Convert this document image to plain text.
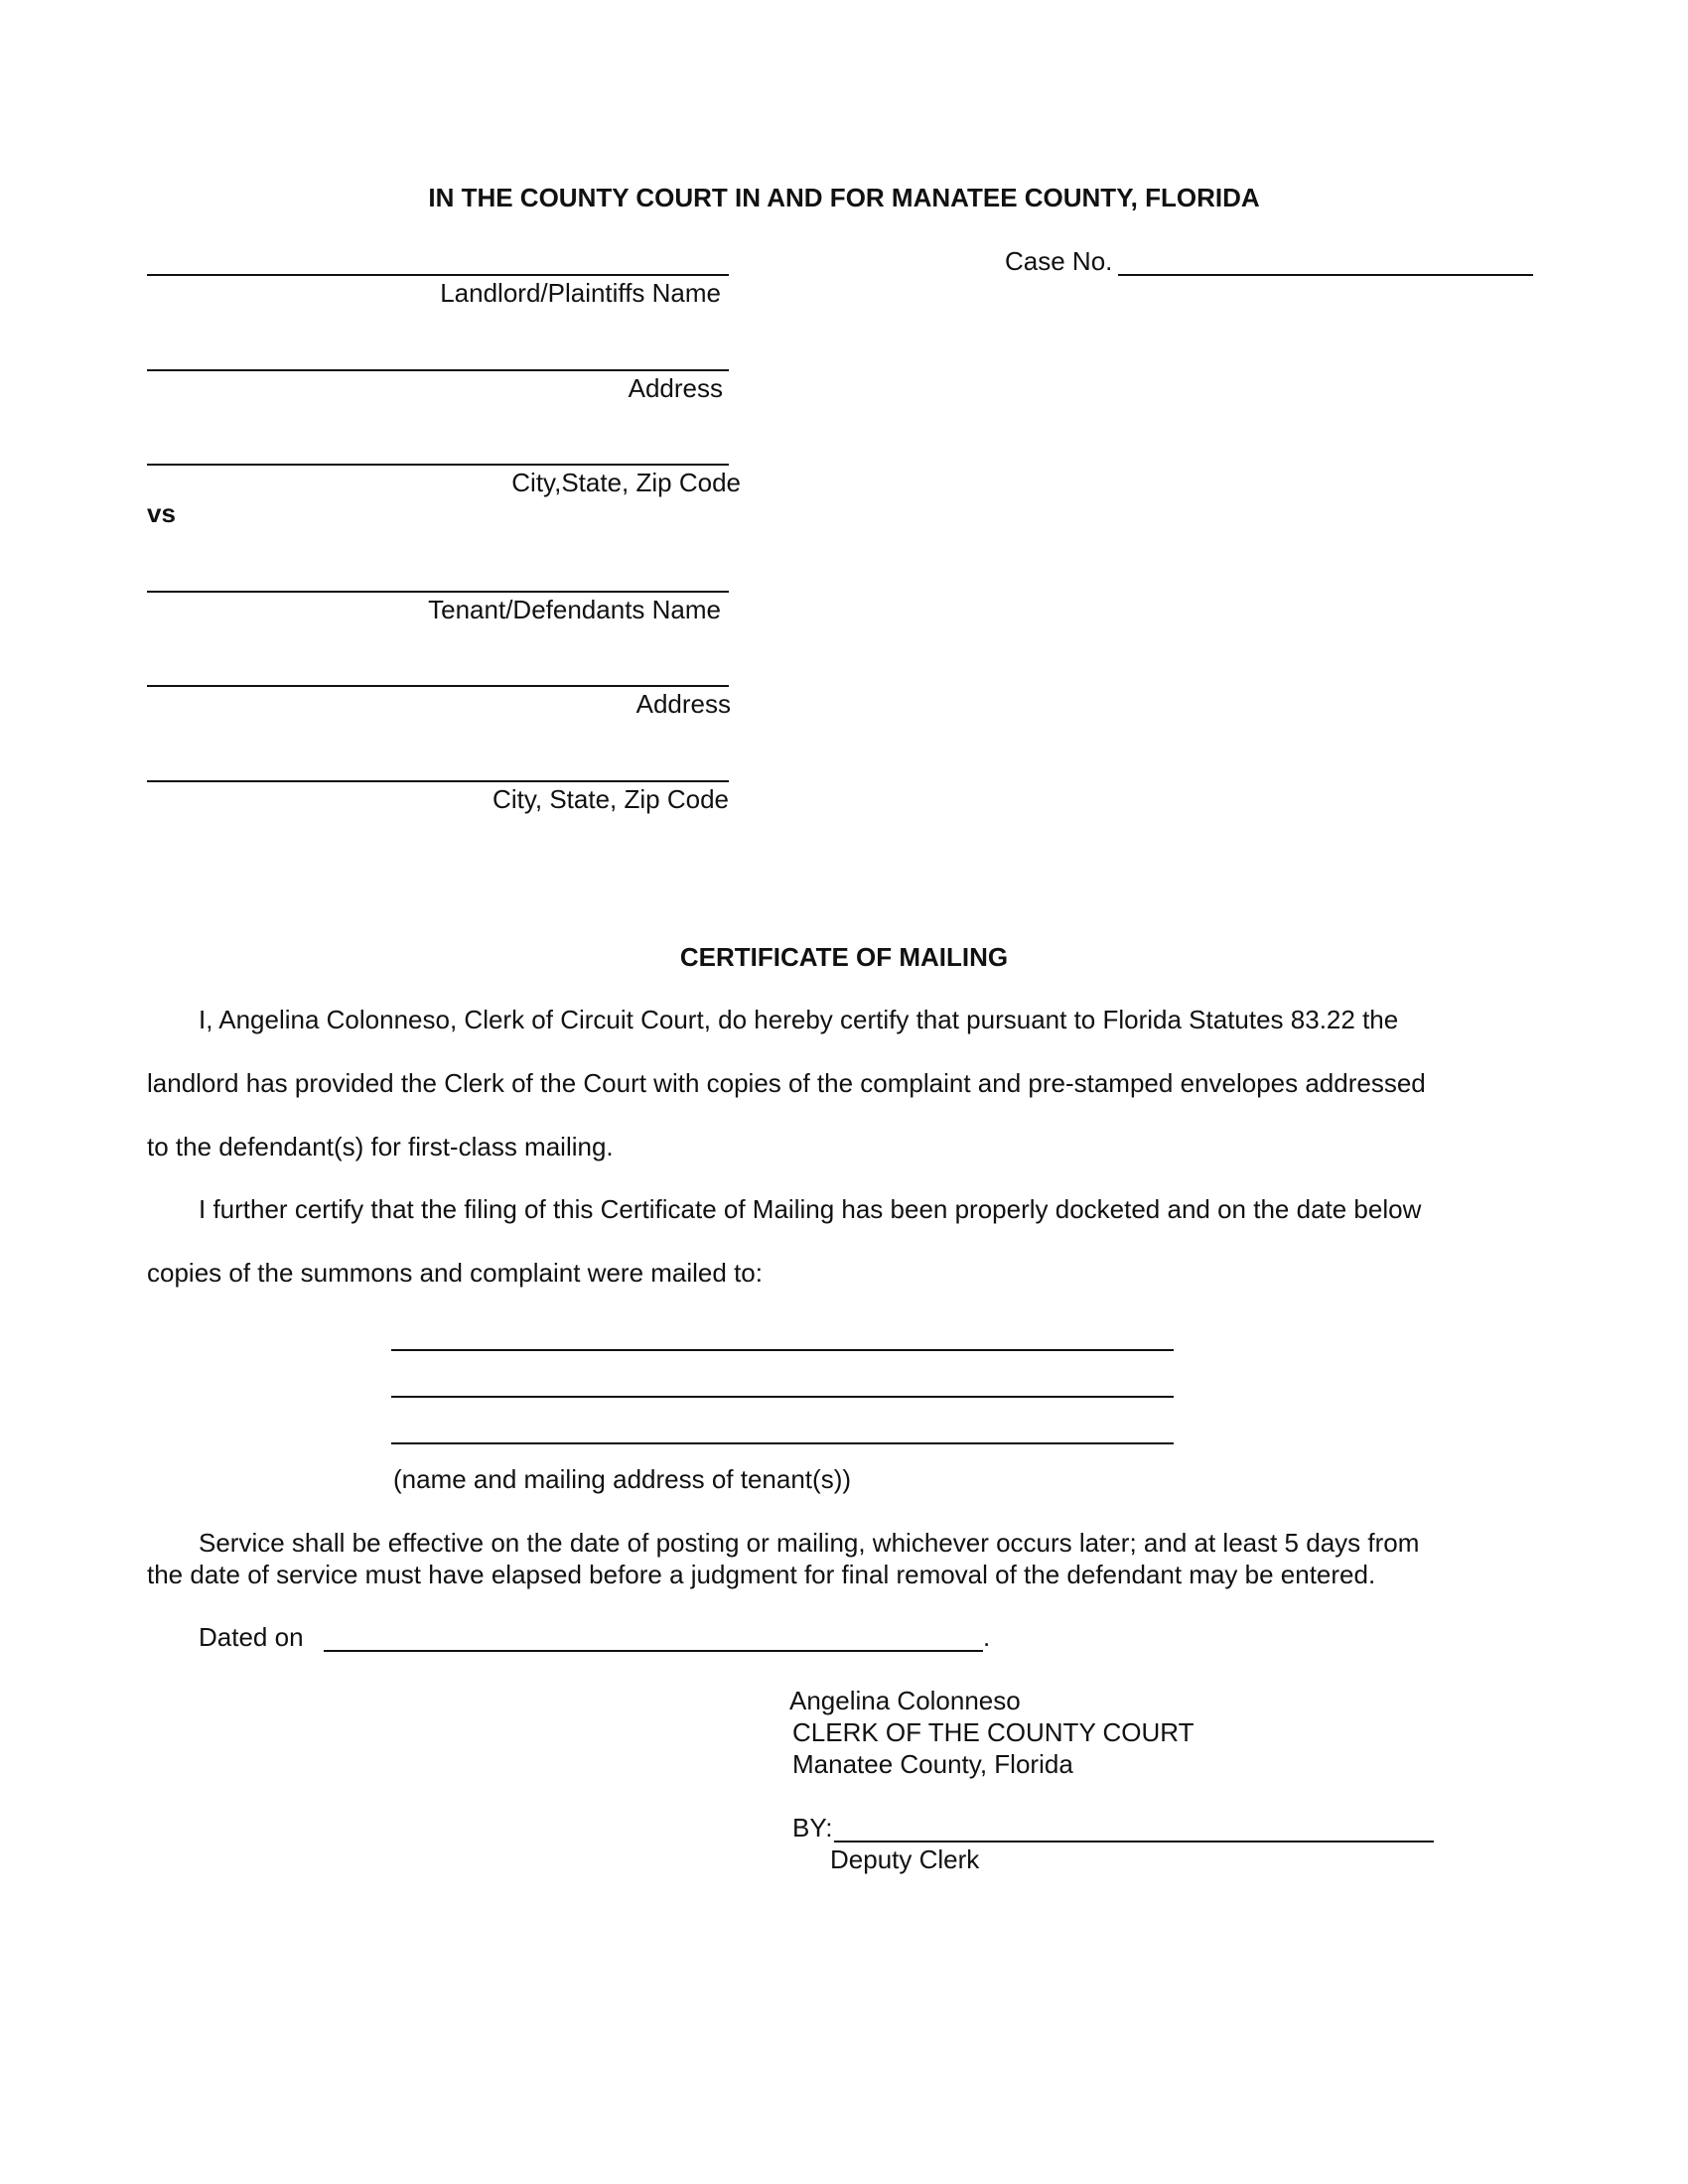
IN THE COUNTY COURT IN AND FOR MANATEE COUNTY, FLORIDA
Case No.
Landlord/Plaintiffs Name
Address
City,State, Zip Code
vs
Tenant/Defendants Name
Address
City, State, Zip Code
CERTIFICATE OF MAILING
I, Angelina Colonneso, Clerk of Circuit Court, do hereby certify that pursuant to Florida Statutes 83.22 the
landlord has provided the Clerk of the Court with copies of the complaint and pre-stamped envelopes addressed
to the defendant(s) for first-class mailing.
I further certify that the filing of this Certificate of Mailing has been properly docketed and on the date below
copies of the summons and complaint were mailed to:
(name and mailing address of tenant(s))
Service shall be effective on the date of posting or mailing, whichever occurs later; and at least 5 days from
the date of service must have elapsed before a judgment for final removal of the defendant may be entered.
Dated on	.
Angelina Colonneso
CLERK OF THE COUNTY COURT
Manatee County, Florida
BY:
Deputy Clerk
